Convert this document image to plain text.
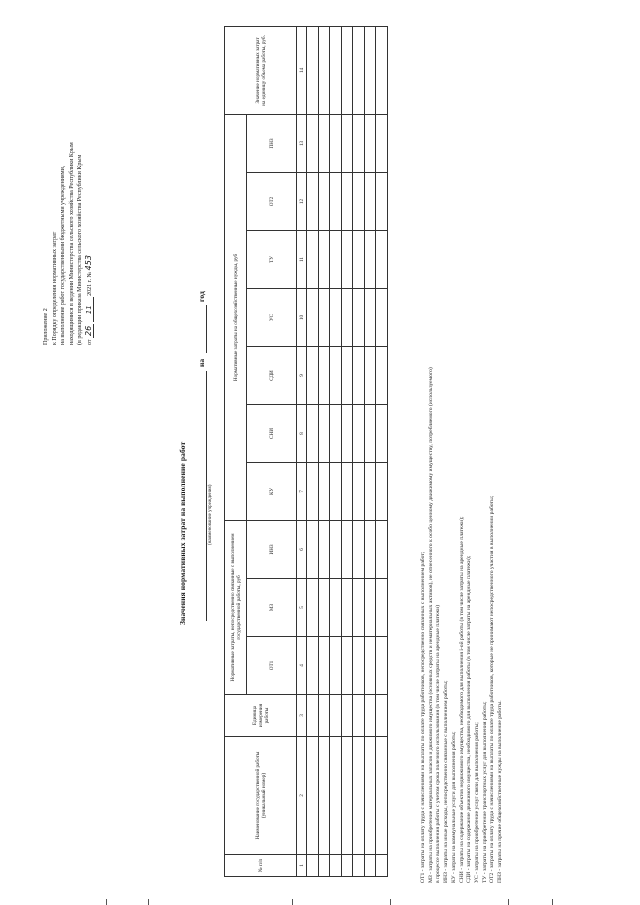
Приложение 2 к Порядку определения нормативных затрат на выполнение работ государственными бюджетными учреждениями, находящимися в ведении Министерства сельского хозяйства Республики Крым (в редакции приказа Министерства сельского хозяйства Республики Крым от 26 11 2021 г. № 453
Значения нормативных затрат на выполнение работ
на
год
(наименование учреждения)
№ п/п	Наименование государственной работы (уникальный номер)	Единица измерения работы	Нормативные затраты, непосредственно связанные с выполнением государственной работы, руб			Нормативные затраты на общехозяйственные нужды, руб							Значение нормативных затрат на единицу объема работы, руб.
			ОТ1	МЗ	ИНЗ	КУ	СНИ	СДИ	УС	ТУ	ОТ2	ПНЗ	
1	2	3	4	5	6	7	8	9	10	11	12	13	14

ОТ1 - затраты на оплату труда с начислениями на выплаты по оплате труда работников, непосредственно связанных с выполнением работ; МЗ - затраты на приобретение материальных запасов и движимого имущества (основных средств и нематериальных активов), не отнесенного к особо ценному движимому имуществу, потребляемого (используемого) в процессе выполнения работы с учетом срока полезного использования (в том числе затраты на арендные платежи) ИНЗ - затраты на иные расходы, непосредственно связанные с выполнением работы; КУ - затраты на коммунальные услуги для выполнения работы; СНИ - затраты на содержание объектов недвижимого имущества, необходимого для выполнения i-ой работы (в том числе затраты на арендные платежи); СДИ - затраты на содержание движимого имущества, необходимого для выполнения работы (в том числе затраты на арендные платежи); УС - затраты на приобретение услуг связи для выполнения работы; ТУ - затраты на приобретение транспортных услуг для выполнения работы; ОТ2 - затраты на оплату труда с начислениями на выплаты по оплате труда работников, которые не принимают непосредственного участия в выполнении работы; ПНЗ - затраты на прочие общехозяйственные нужды на выполнение работы.
